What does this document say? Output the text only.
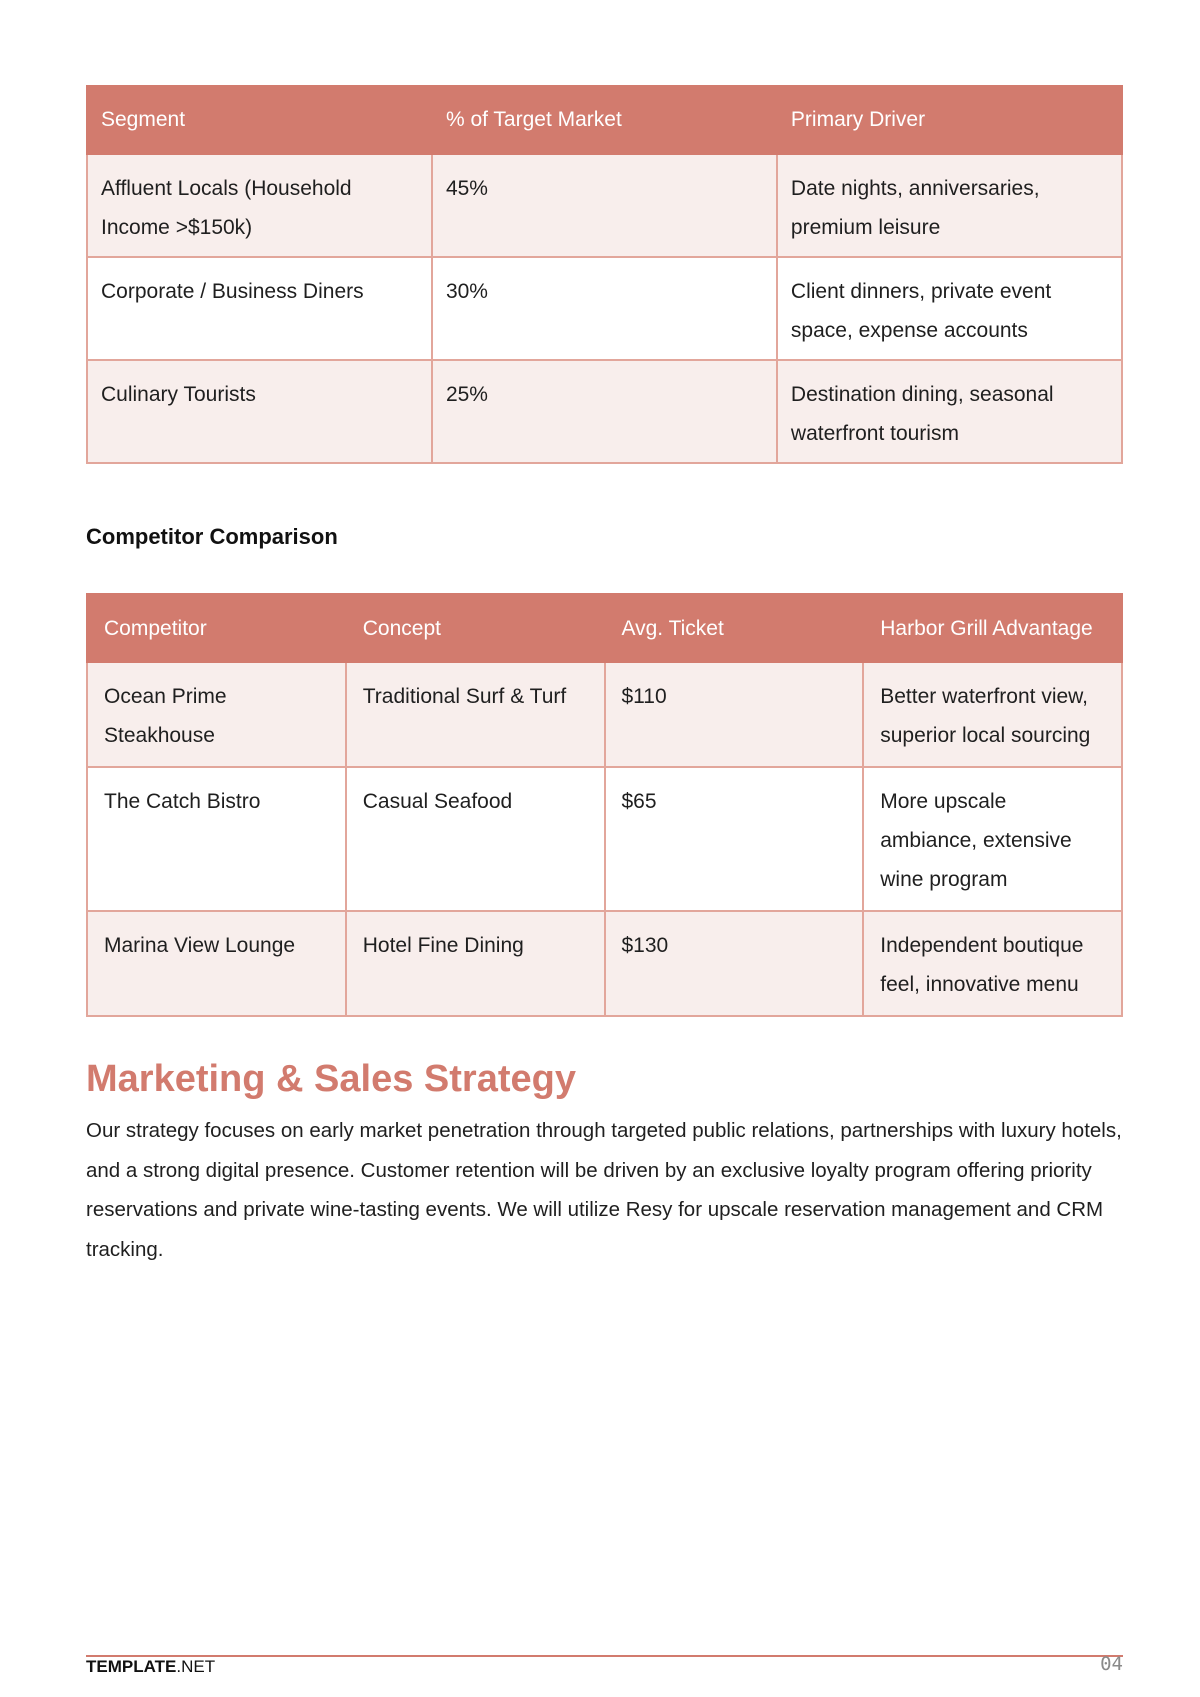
Segment	% of Target Market	Primary Driver
Affluent Locals (Household Income >$150k)	45%	Date nights, anniversaries, premium leisure
Corporate / Business Diners	30%	Client dinners, private event space, expense accounts
Culinary Tourists	25%	Destination dining, seasonal waterfront tourism
Competitor Comparison
Competitor	Concept	Avg. Ticket	Harbor Grill Advantage
Ocean Prime Steakhouse	Traditional Surf & Turf	$110	Better waterfront view, superior local sourcing
The Catch Bistro	Casual Seafood	$65	More upscale ambiance, extensive wine program
Marina View Lounge	Hotel Fine Dining	$130	Independent boutique feel, innovative menu
Marketing & Sales Strategy

Our strategy focuses on early market penetration through targeted public relations, partnerships with luxury hotels, and a strong digital presence. Customer retention will be driven by an exclusive loyalty program offering priority reservations and private wine-tasting events. We will utilize Resy for upscale reservation management and CRM tracking.

TEMPLATE.NET	04
